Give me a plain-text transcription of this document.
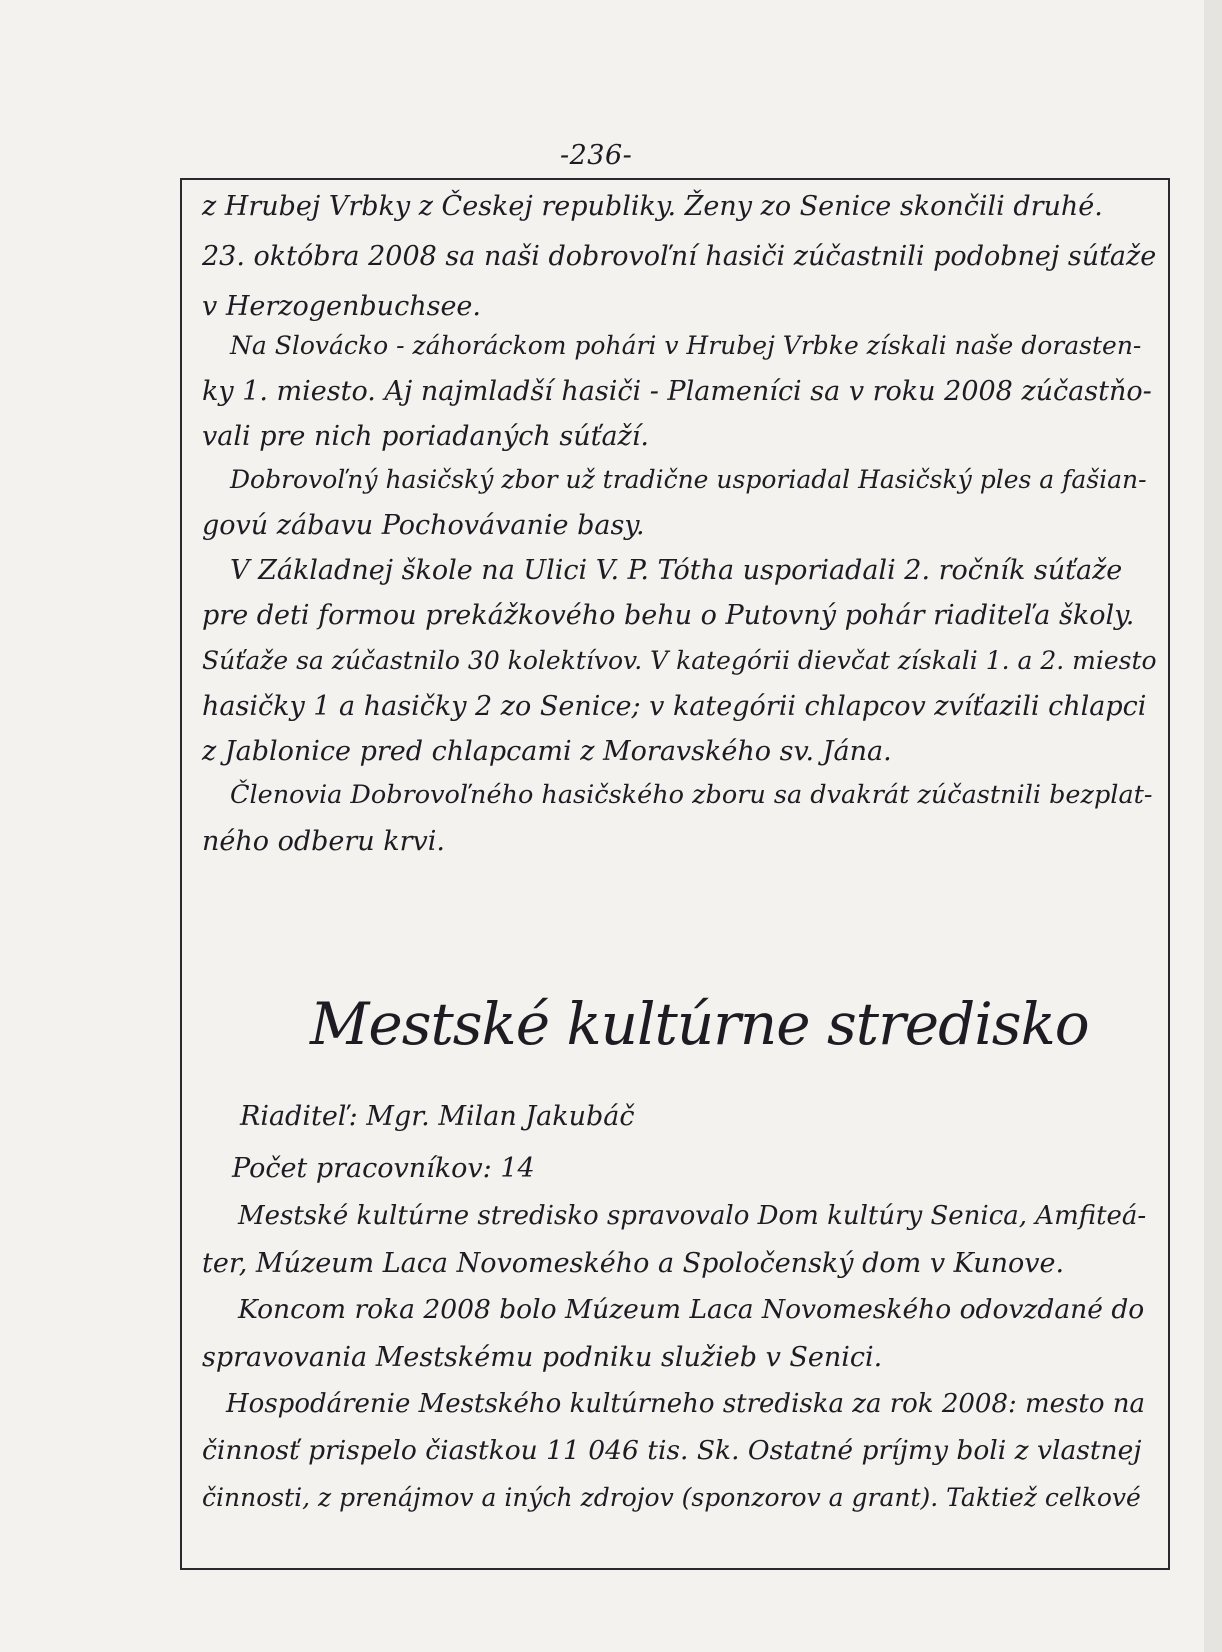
-236-

z Hrubej Vrbky z Českej republiky. Ženy zo Senice skončili druhé.

23. októbra 2008 sa naši dobrovoľní hasiči zúčastnili podobnej súťaže

v Herzogenbuchsee.

Na Slovácko - záhoráckom pohári v Hrubej Vrbke získali naše dorasten-

ky 1. miesto. Aj najmladší hasiči - Plameníci sa v roku 2008 zúčastňo-

vali pre nich poriadaných súťaží.

Dobrovoľný hasičský zbor už tradične usporiadal Hasičský ples a fašian-

govú zábavu Pochovávanie basy.

V Základnej škole na Ulici V. P. Tótha usporiadali 2. ročník súťaže

pre deti formou prekážkového behu o Putovný pohár riaditeľa školy.

Súťaže sa zúčastnilo 30 kolektívov. V kategórii dievčat získali 1. a 2. miesto

hasičky 1 a hasičky 2 zo Senice; v kategórii chlapcov zvíťazili chlapci

z Jablonice pred chlapcami z Moravského sv. Jána.

Členovia Dobrovoľného hasičského zboru sa dvakrát zúčastnili bezplat-

ného odberu krvi.

Mestské kultúrne stredisko

Riaditeľ: Mgr. Milan Jakubáč

Počet pracovníkov: 14

Mestské kultúrne stredisko spravovalo Dom kultúry Senica, Amfiteá-

ter, Múzeum Laca Novomeského a Spoločenský dom v Kunove.

Koncom roka 2008 bolo Múzeum Laca Novomeského odovzdané do

spravovania Mestskému podniku služieb v Senici.

Hospodárenie Mestského kultúrneho strediska za rok 2008: mesto na

činnosť prispelo čiastkou 11 046 tis. Sk. Ostatné príjmy boli z vlastnej

činnosti, z prenájmov a iných zdrojov (sponzorov a grant). Taktiež celkové
